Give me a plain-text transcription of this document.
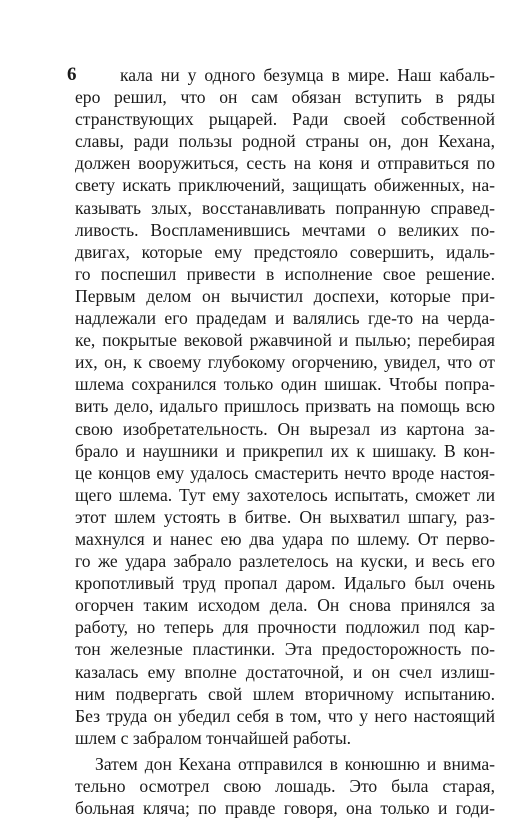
6	кала ни у одного безумца в мире. Наш кабаль-
еро решил, что он сам обязан вступить в ряды
странствующих рыцарей. Ради своей собственной
славы, ради пользы родной страны он, дон Кехана,
должен вооружиться, сесть на коня и отправиться по
свету искать приключений, защищать обиженных, на-
казывать злых, восстанавливать попранную справед-
ливость. Воспламенившись мечтами о великих по-
двигах, которые ему предстояло совершить, идаль-
го поспешил привести в исполнение свое решение.
Первым делом он вычистил доспехи, которые при-
надлежали его прадедам и валялись где-то на черда-
ке, покрытые вековой ржавчиной и пылью; перебирая
их, он, к своему глубокому огорчению, увидел, что от
шлема сохранился только один шишак. Чтобы попра-
вить дело, идальго пришлось призвать на помощь всю
свою изобретательность. Он вырезал из картона за-
брало и наушники и прикрепил их к шишаку. В кон-
це концов ему удалось смастерить нечто вроде настоя-
щего шлема. Тут ему захотелось испытать, сможет ли
этот шлем устоять в битве. Он выхватил шпагу, раз-
махнулся и нанес ею два удара по шлему. От перво-
го же удара забрало разлетелось на куски, и весь его
кропотливый труд пропал даром. Идальго был очень
огорчен таким исходом дела. Он снова принялся за
работу, но теперь для прочности подложил под кар-
тон железные пластинки. Эта предосторожность по-
казалась ему вполне достаточной, и он счел излиш-
ним подвергать свой шлем вторичному испытанию.
Без труда он убедил себя в том, что у него настоящий
шлем с забралом тончайшей работы.
Затем дон Кехана отправился в конюшню и внима-
тельно осмотрел свою лошадь. Это была старая,
больная кляча; по правде говоря, она только и годи-
